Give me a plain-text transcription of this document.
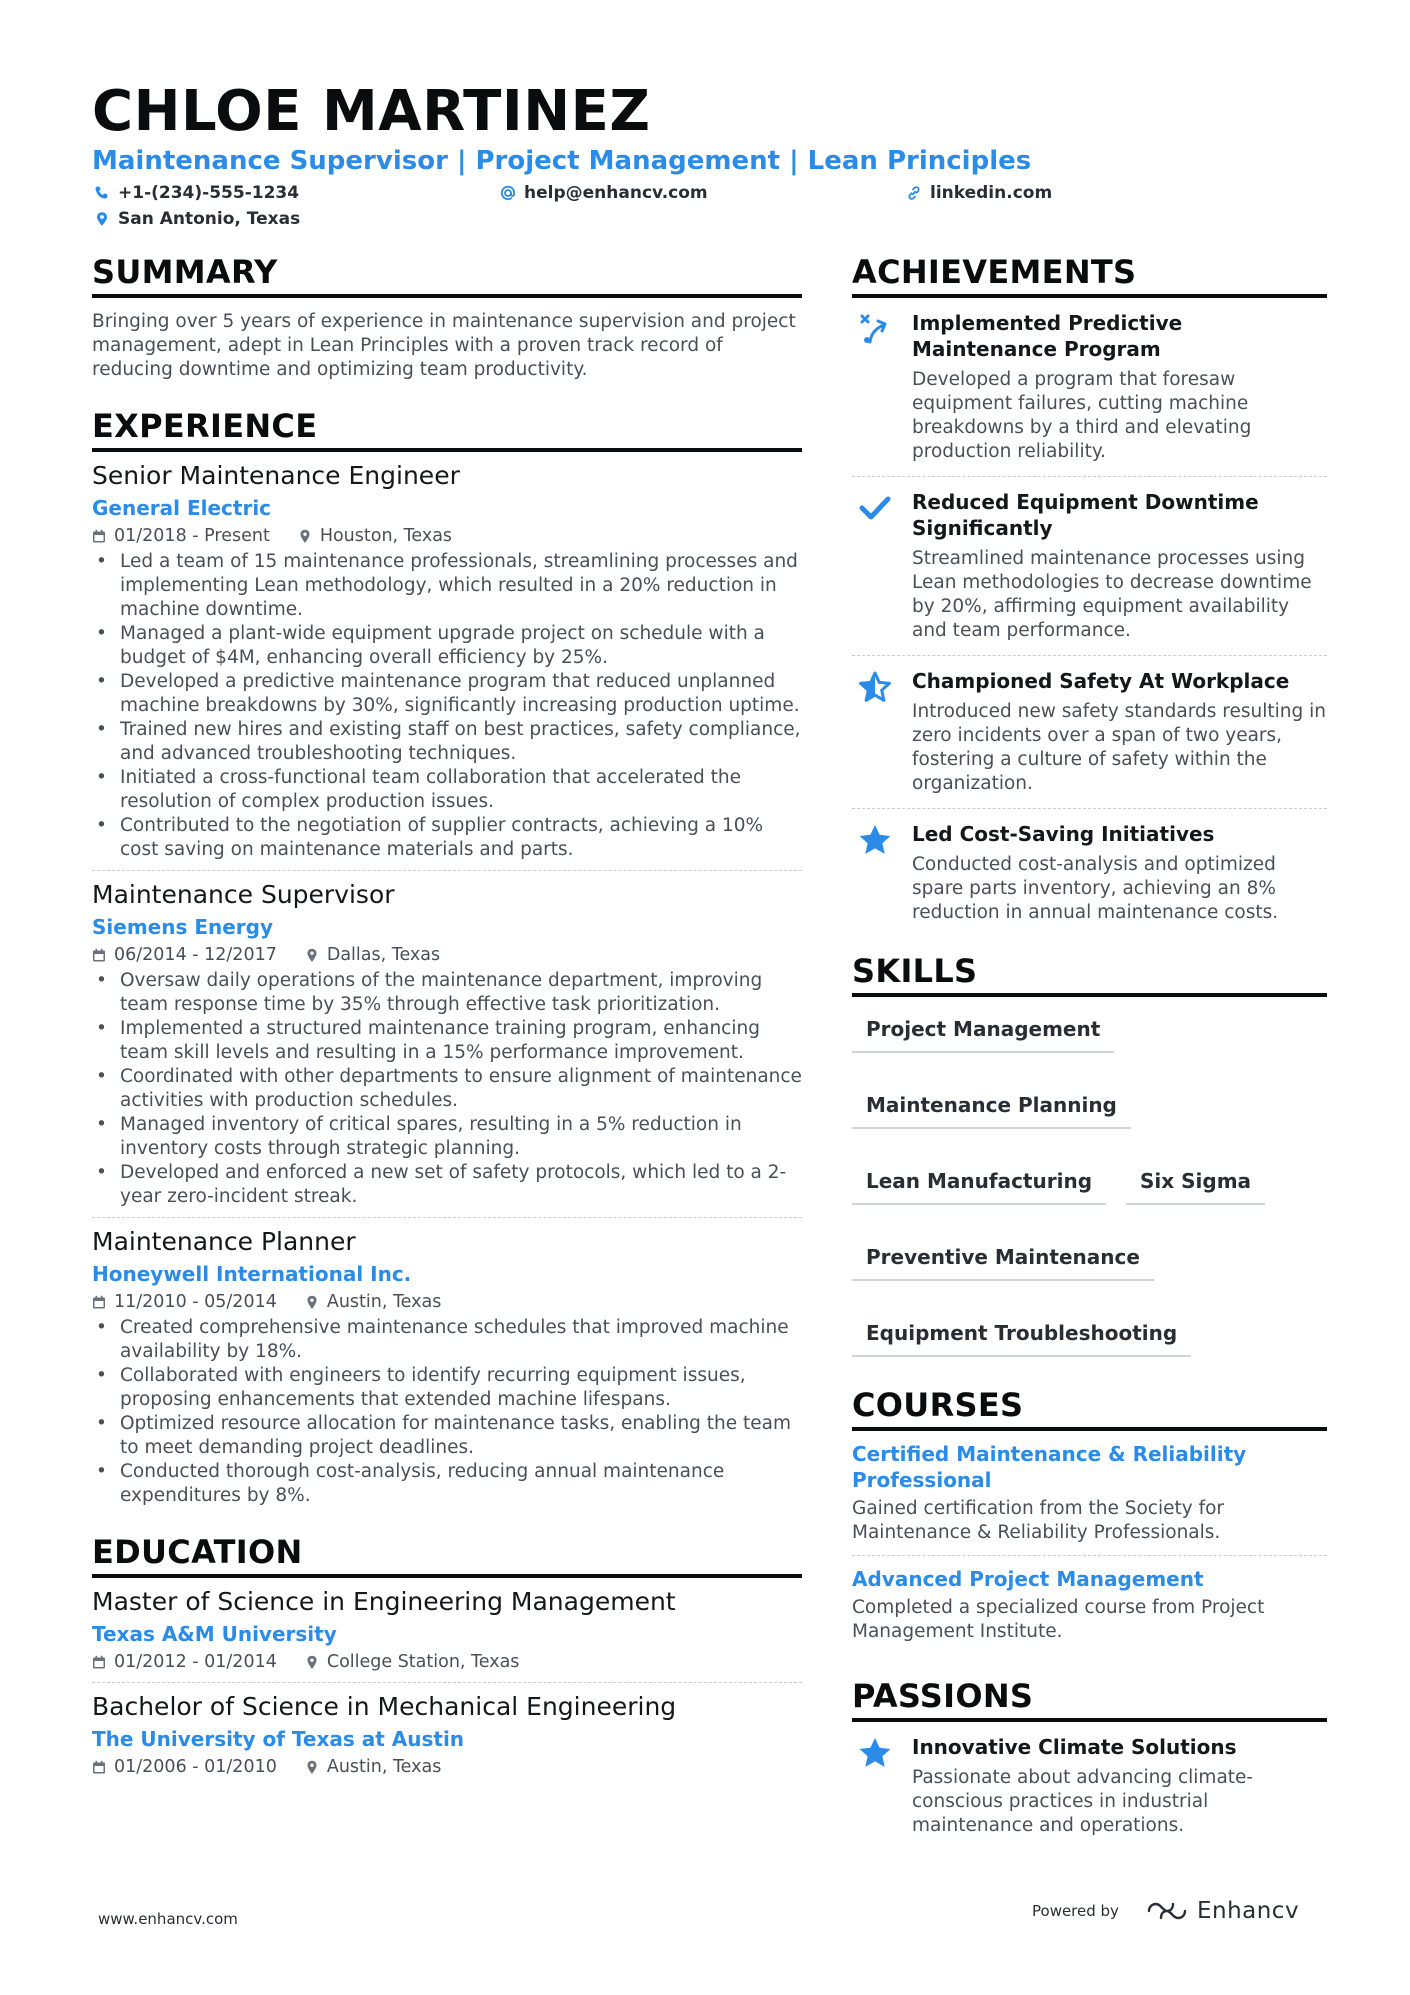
CHLOE MARTINEZ
Maintenance Supervisor | Project Management | Lean Principles
+1-(234)-555-1234	help@enhancv.com	linkedin.com
San Antonio, Texas
SUMMARY
Bringing over 5 years of experience in maintenance supervision and project management, adept in Lean Principles with a proven track record of reducing downtime and optimizing team productivity.
EXPERIENCE
Senior Maintenance Engineer
General Electric
01/2018 - Present	Houston, Texas
• Led a team of 15 maintenance professionals, streamlining processes and implementing Lean methodology, which resulted in a 20% reduction in machine downtime.
• Managed a plant-wide equipment upgrade project on schedule with a budget of $4M, enhancing overall efficiency by 25%.
• Developed a predictive maintenance program that reduced unplanned machine breakdowns by 30%, significantly increasing production uptime.
• Trained new hires and existing staff on best practices, safety compliance, and advanced troubleshooting techniques.
• Initiated a cross-functional team collaboration that accelerated the resolution of complex production issues.
• Contributed to the negotiation of supplier contracts, achieving a 10% cost saving on maintenance materials and parts.
Maintenance Supervisor
Siemens Energy
06/2014 - 12/2017	Dallas, Texas
• Oversaw daily operations of the maintenance department, improving team response time by 35% through effective task prioritization.
• Implemented a structured maintenance training program, enhancing team skill levels and resulting in a 15% performance improvement.
• Coordinated with other departments to ensure alignment of maintenance activities with production schedules.
• Managed inventory of critical spares, resulting in a 5% reduction in inventory costs through strategic planning.
• Developed and enforced a new set of safety protocols, which led to a 2-year zero-incident streak.
Maintenance Planner
Honeywell International Inc.
11/2010 - 05/2014	Austin, Texas
• Created comprehensive maintenance schedules that improved machine availability by 18%.
• Collaborated with engineers to identify recurring equipment issues, proposing enhancements that extended machine lifespans.
• Optimized resource allocation for maintenance tasks, enabling the team to meet demanding project deadlines.
• Conducted thorough cost-analysis, reducing annual maintenance expenditures by 8%.
EDUCATION
Master of Science in Engineering Management
Texas A&M University
01/2012 - 01/2014	College Station, Texas
Bachelor of Science in Mechanical Engineering
The University of Texas at Austin
01/2006 - 01/2010	Austin, Texas
ACHIEVEMENTS
Implemented Predictive Maintenance Program
Developed a program that foresaw equipment failures, cutting machine breakdowns by a third and elevating production reliability.
Reduced Equipment Downtime Significantly
Streamlined maintenance processes using Lean methodologies to decrease downtime by 20%, affirming equipment availability and team performance.
Championed Safety At Workplace
Introduced new safety standards resulting in zero incidents over a span of two years, fostering a culture of safety within the organization.
Led Cost-Saving Initiatives
Conducted cost-analysis and optimized spare parts inventory, achieving an 8% reduction in annual maintenance costs.
SKILLS
Project Management
Maintenance Planning
Lean Manufacturing	Six Sigma
Preventive Maintenance
Equipment Troubleshooting
COURSES
Certified Maintenance & Reliability Professional
Gained certification from the Society for Maintenance & Reliability Professionals.
Advanced Project Management
Completed a specialized course from Project Management Institute.
PASSIONS
Innovative Climate Solutions
Passionate about advancing climate-conscious practices in industrial maintenance and operations.
www.enhancv.com	Powered by	Enhancv
